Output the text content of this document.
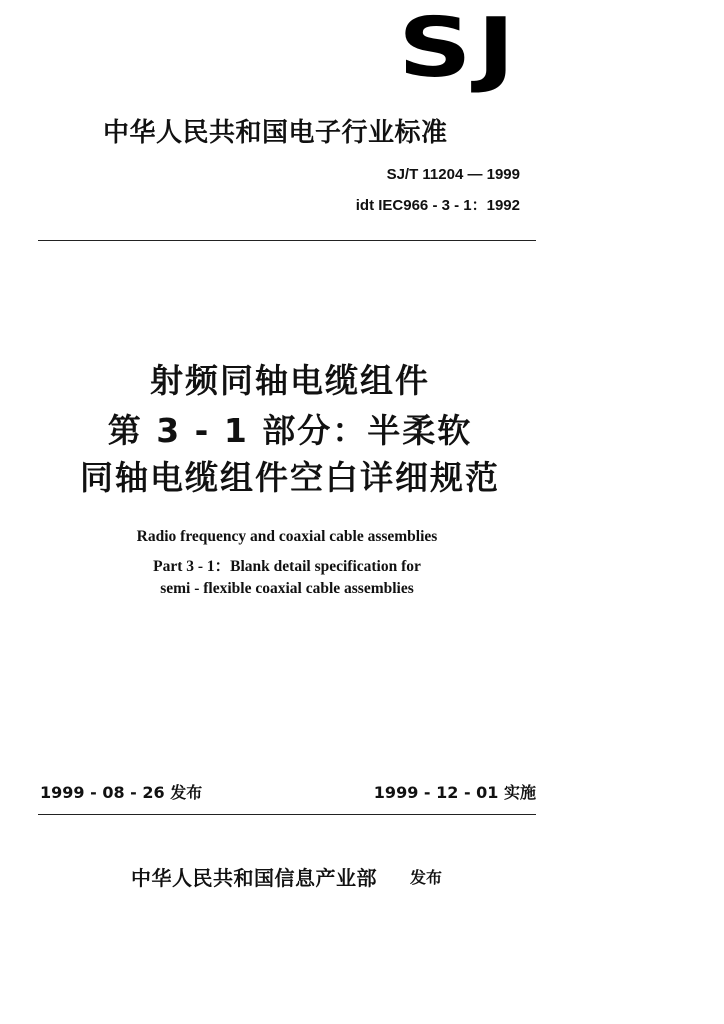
SJ
中华人民共和国电子行业标准
SJ/T 11204 — 1999
idt IEC966 - 3 - 1：1992
射频同轴电缆组件
第 3 - 1 部分：半柔软
同轴电缆组件空白详细规范
Radio frequency and coaxial cable assemblies
Part 3 - 1：Blank detail specification for
semi - flexible coaxial cable assemblies
1999 - 08 - 26 发布	1999 - 12 - 01 实施
中华人民共和国信息产业部 发布
